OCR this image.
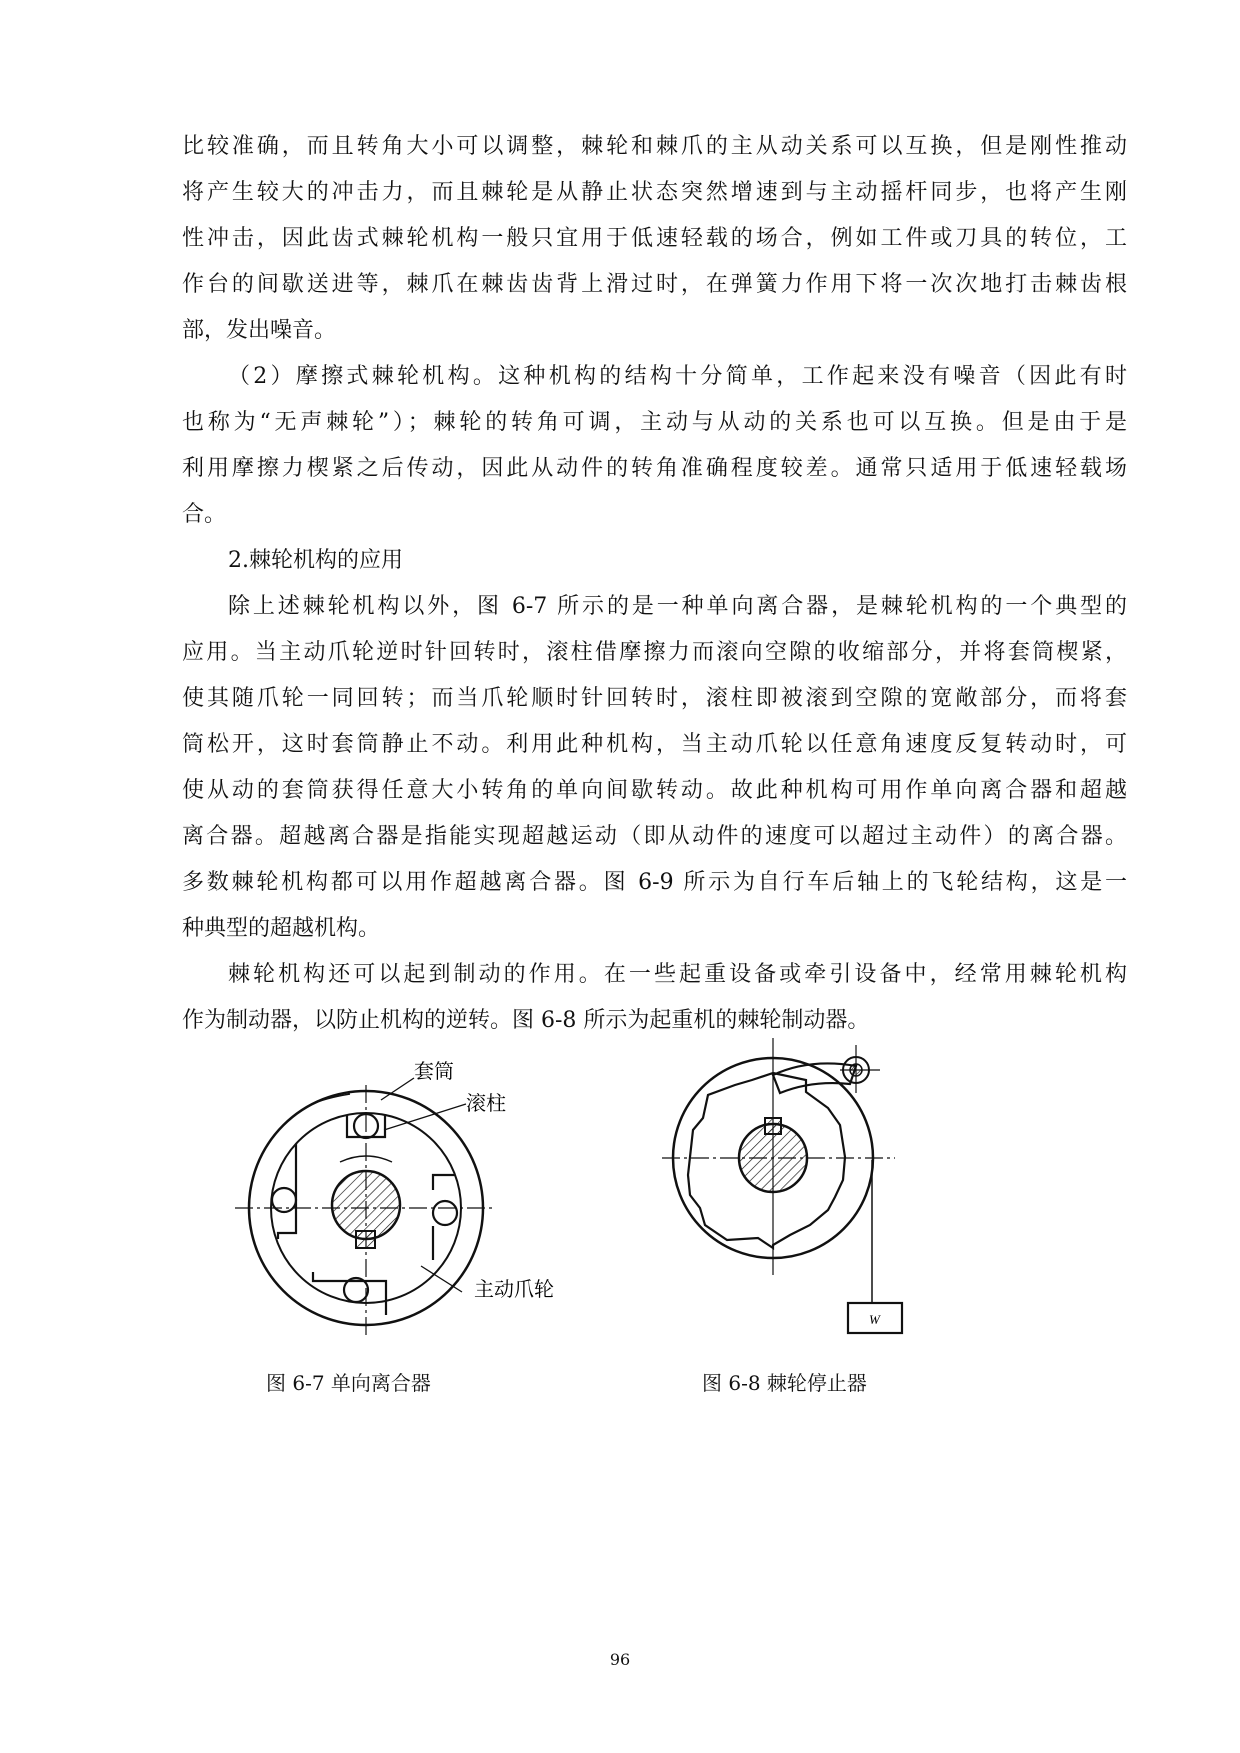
比较准确，而且转角大小可以调整，棘轮和棘爪的主从动关系可以互换，但是刚性推动
将产生较大的冲击力，而且棘轮是从静止状态突然增速到与主动摇杆同步，也将产生刚
性冲击，因此齿式棘轮机构一般只宜用于低速轻载的场合，例如工件或刀具的转位，工
作台的间歇送进等，棘爪在棘齿齿背上滑过时，在弹簧力作用下将一次次地打击棘齿根
部，发出噪音。
（2）摩擦式棘轮机构。这种机构的结构十分简单，工作起来没有噪音（因此有时
也称为“无声棘轮”）；棘轮的转角可调，主动与从动的关系也可以互换。但是由于是
利用摩擦力楔紧之后传动，因此从动件的转角准确程度较差。通常只适用于低速轻载场
合。
2.棘轮机构的应用
除上述棘轮机构以外，图 6-7 所示的是一种单向离合器，是棘轮机构的一个典型的
应用。当主动爪轮逆时针回转时，滚柱借摩擦力而滚向空隙的收缩部分，并将套筒楔紧，
使其随爪轮一同回转；而当爪轮顺时针回转时，滚柱即被滚到空隙的宽敞部分，而将套
筒松开，这时套筒静止不动。利用此种机构，当主动爪轮以任意角速度反复转动时，可
使从动的套筒获得任意大小转角的单向间歇转动。故此种机构可用作单向离合器和超越
离合器。超越离合器是指能实现超越运动（即从动件的速度可以超过主动件）的离合器。
多数棘轮机构都可以用作超越离合器。图 6-9 所示为自行车后轴上的飞轮结构，这是一
种典型的超越机构。
棘轮机构还可以起到制动的作用。在一些起重设备或牵引设备中，经常用棘轮机构
作为制动器，以防止机构的逆转。图 6-8 所示为起重机的棘轮制动器。
套筒
滚柱
主动爪轮
W
图 6-7 单向离合器	图 6-8 棘轮停止器
96
